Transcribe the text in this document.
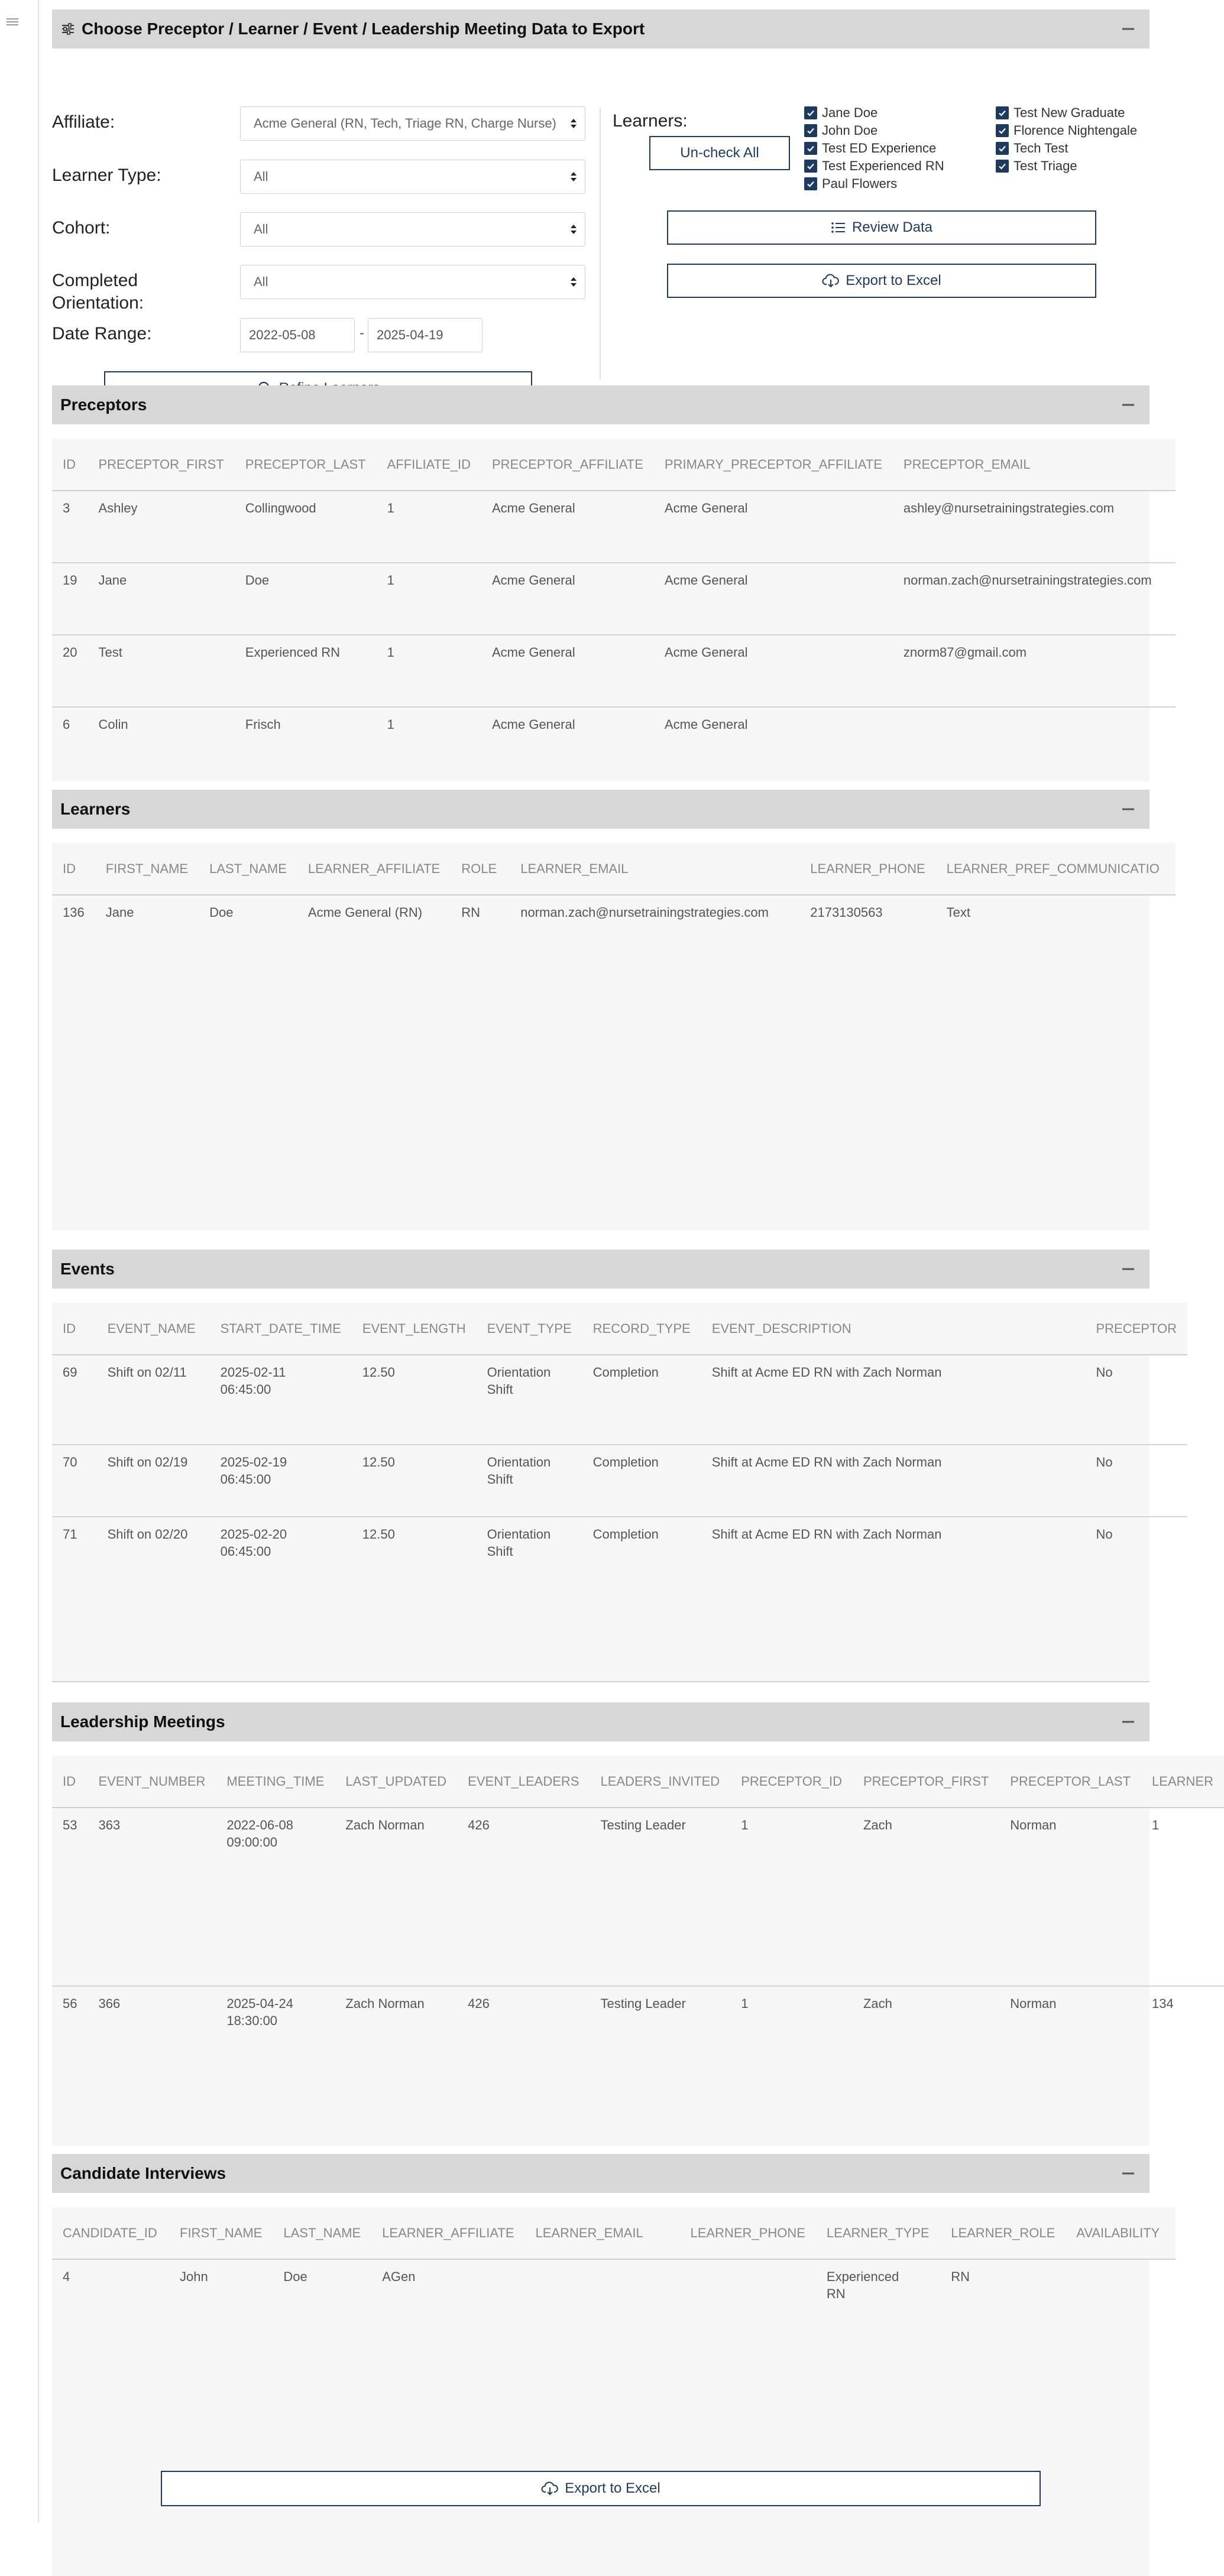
Choose Preceptor / Learner / Event / Leadership Meeting Data to Export
Affiliate:	Acme General (RN, Tech, Triage RN, Charge Nurse)
Learner Type:	All
Cohort:	All
Completed
Orientation:
All
Date Range:	2022-05-08	- 2025-04-19
Learners:
Un-check All
Jane Doe
John Doe
Test ED Experience
Test Experienced RN
Paul Flowers
Test New Graduate
Florence Nightengale
Tech Test
Test Triage
Review Data
Export to Excel
Preceptors
ID	PRECEPTOR_FIRST	PRECEPTOR_LAST	AFFILIATE_ID	PRECEPTOR_AFFILIATE	PRIMARY_PRECEPTOR_AFFILIATE	PRECEPTOR_EMAIL
3	Ashley	Collingwood	1	Acme General	Acme General	ashley@nursetrainingstrategies.com
19	Jane	Doe	1	Acme General	Acme General	norman.zach@nursetrainingstrategies.com
20	Test	Experienced RN	1	Acme General	Acme General	znorm87@gmail.com
6	Colin	Frisch	1	Acme General	Acme General	
Learners
ID	FIRST_NAME	LAST_NAME	LEARNER_AFFILIATE	ROLE	LEARNER_EMAIL	LEARNER_PHONE	LEARNER_PREF_COMMUNICATIO
136	Jane	Doe	Acme General (RN)	RN	norman.zach@nursetrainingstrategies.com	2173130563	Text
Events
ID	EVENT_NAME	START_DATE_TIME	EVENT_LENGTH	EVENT_TYPE	RECORD_TYPE	EVENT_DESCRIPTION	PRECEPTOR
69	Shift on 02/11	2025-02-11 06:45:00	12.50	Orientation Shift	Completion	Shift at Acme ED RN with Zach Norman	No
70	Shift on 02/19	2025-02-19 06:45:00	12.50	Orientation Shift	Completion	Shift at Acme ED RN with Zach Norman	No
71	Shift on 02/20	2025-02-20 06:45:00	12.50	Orientation Shift	Completion	Shift at Acme ED RN with Zach Norman	No
Leadership Meetings
ID	EVENT_NUMBER	MEETING_TIME	LAST_UPDATED	EVENT_LEADERS	LEADERS_INVITED	PRECEPTOR_ID	PRECEPTOR_FIRST	PRECEPTOR_LAST	LEARNER
53	363	2022-06-08 09:00:00	Zach Norman	426	Testing Leader	1	Zach	Norman	1
56	366	2025-04-24 18:30:00	Zach Norman	426	Testing Leader	1	Zach	Norman	134
Candidate Interviews
CANDIDATE_ID	FIRST_NAME	LAST_NAME	LEARNER_AFFILIATE	LEARNER_EMAIL	LEARNER_PHONE	LEARNER_TYPE	LEARNER_ROLE	AVAILABILITY
4	John	Doe	AGen			Experienced RN	RN	
Export to Excel
